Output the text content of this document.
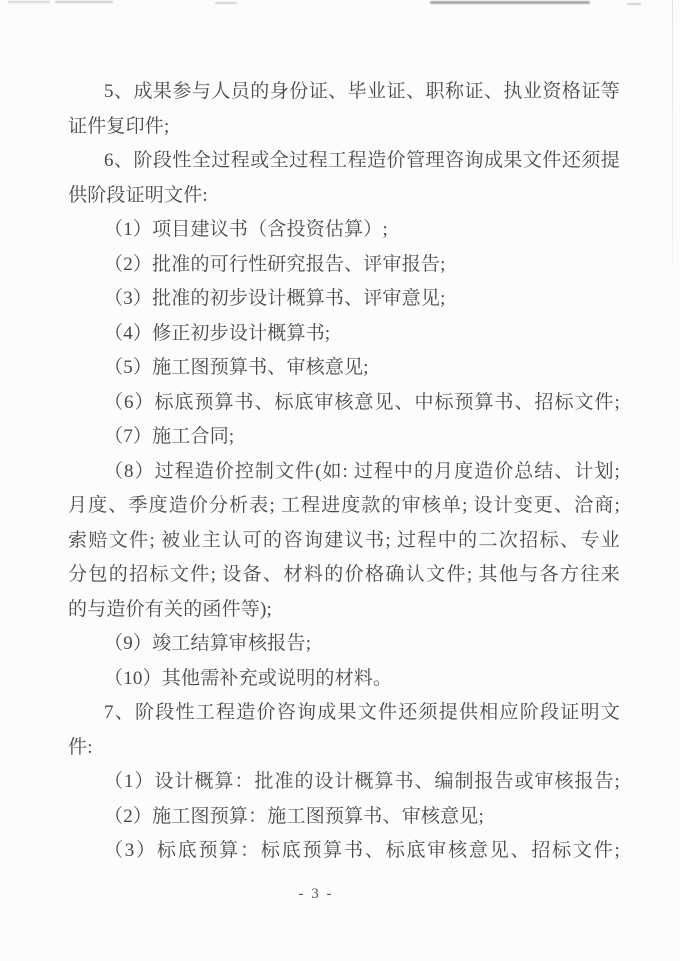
5、成果参与人员的身份证、毕业证、职称证、执业资格证等
证件复印件;
6、阶段性全过程或全过程工程造价管理咨询成果文件还须提
供阶段证明文件:
（1）项目建议书（含投资估算）;
（2）批准的可行性研究报告、评审报告;
（3）批准的初步设计概算书、评审意见;
（4）修正初步设计概算书;
（5）施工图预算书、审核意见;
（6）标底预算书、标底审核意见、中标预算书、招标文件;
（7）施工合同;
（8）过程造价控制文件(如: 过程中的月度造价总结、计划;
月度、季度造价分析表; 工程进度款的审核单; 设计变更、洽商;
索赔文件; 被业主认可的咨询建议书; 过程中的二次招标、专业
分包的招标文件; 设备、材料的价格确认文件; 其他与各方往来
的与造价有关的函件等);
（9）竣工结算审核报告;
（10）其他需补充或说明的材料。
7、阶段性工程造价咨询成果文件还须提供相应阶段证明文
件:
（1）设计概算：批准的设计概算书、编制报告或审核报告;
（2）施工图预算：施工图预算书、审核意见;
（3）标底预算：标底预算书、标底审核意见、招标文件;
- 3 -
